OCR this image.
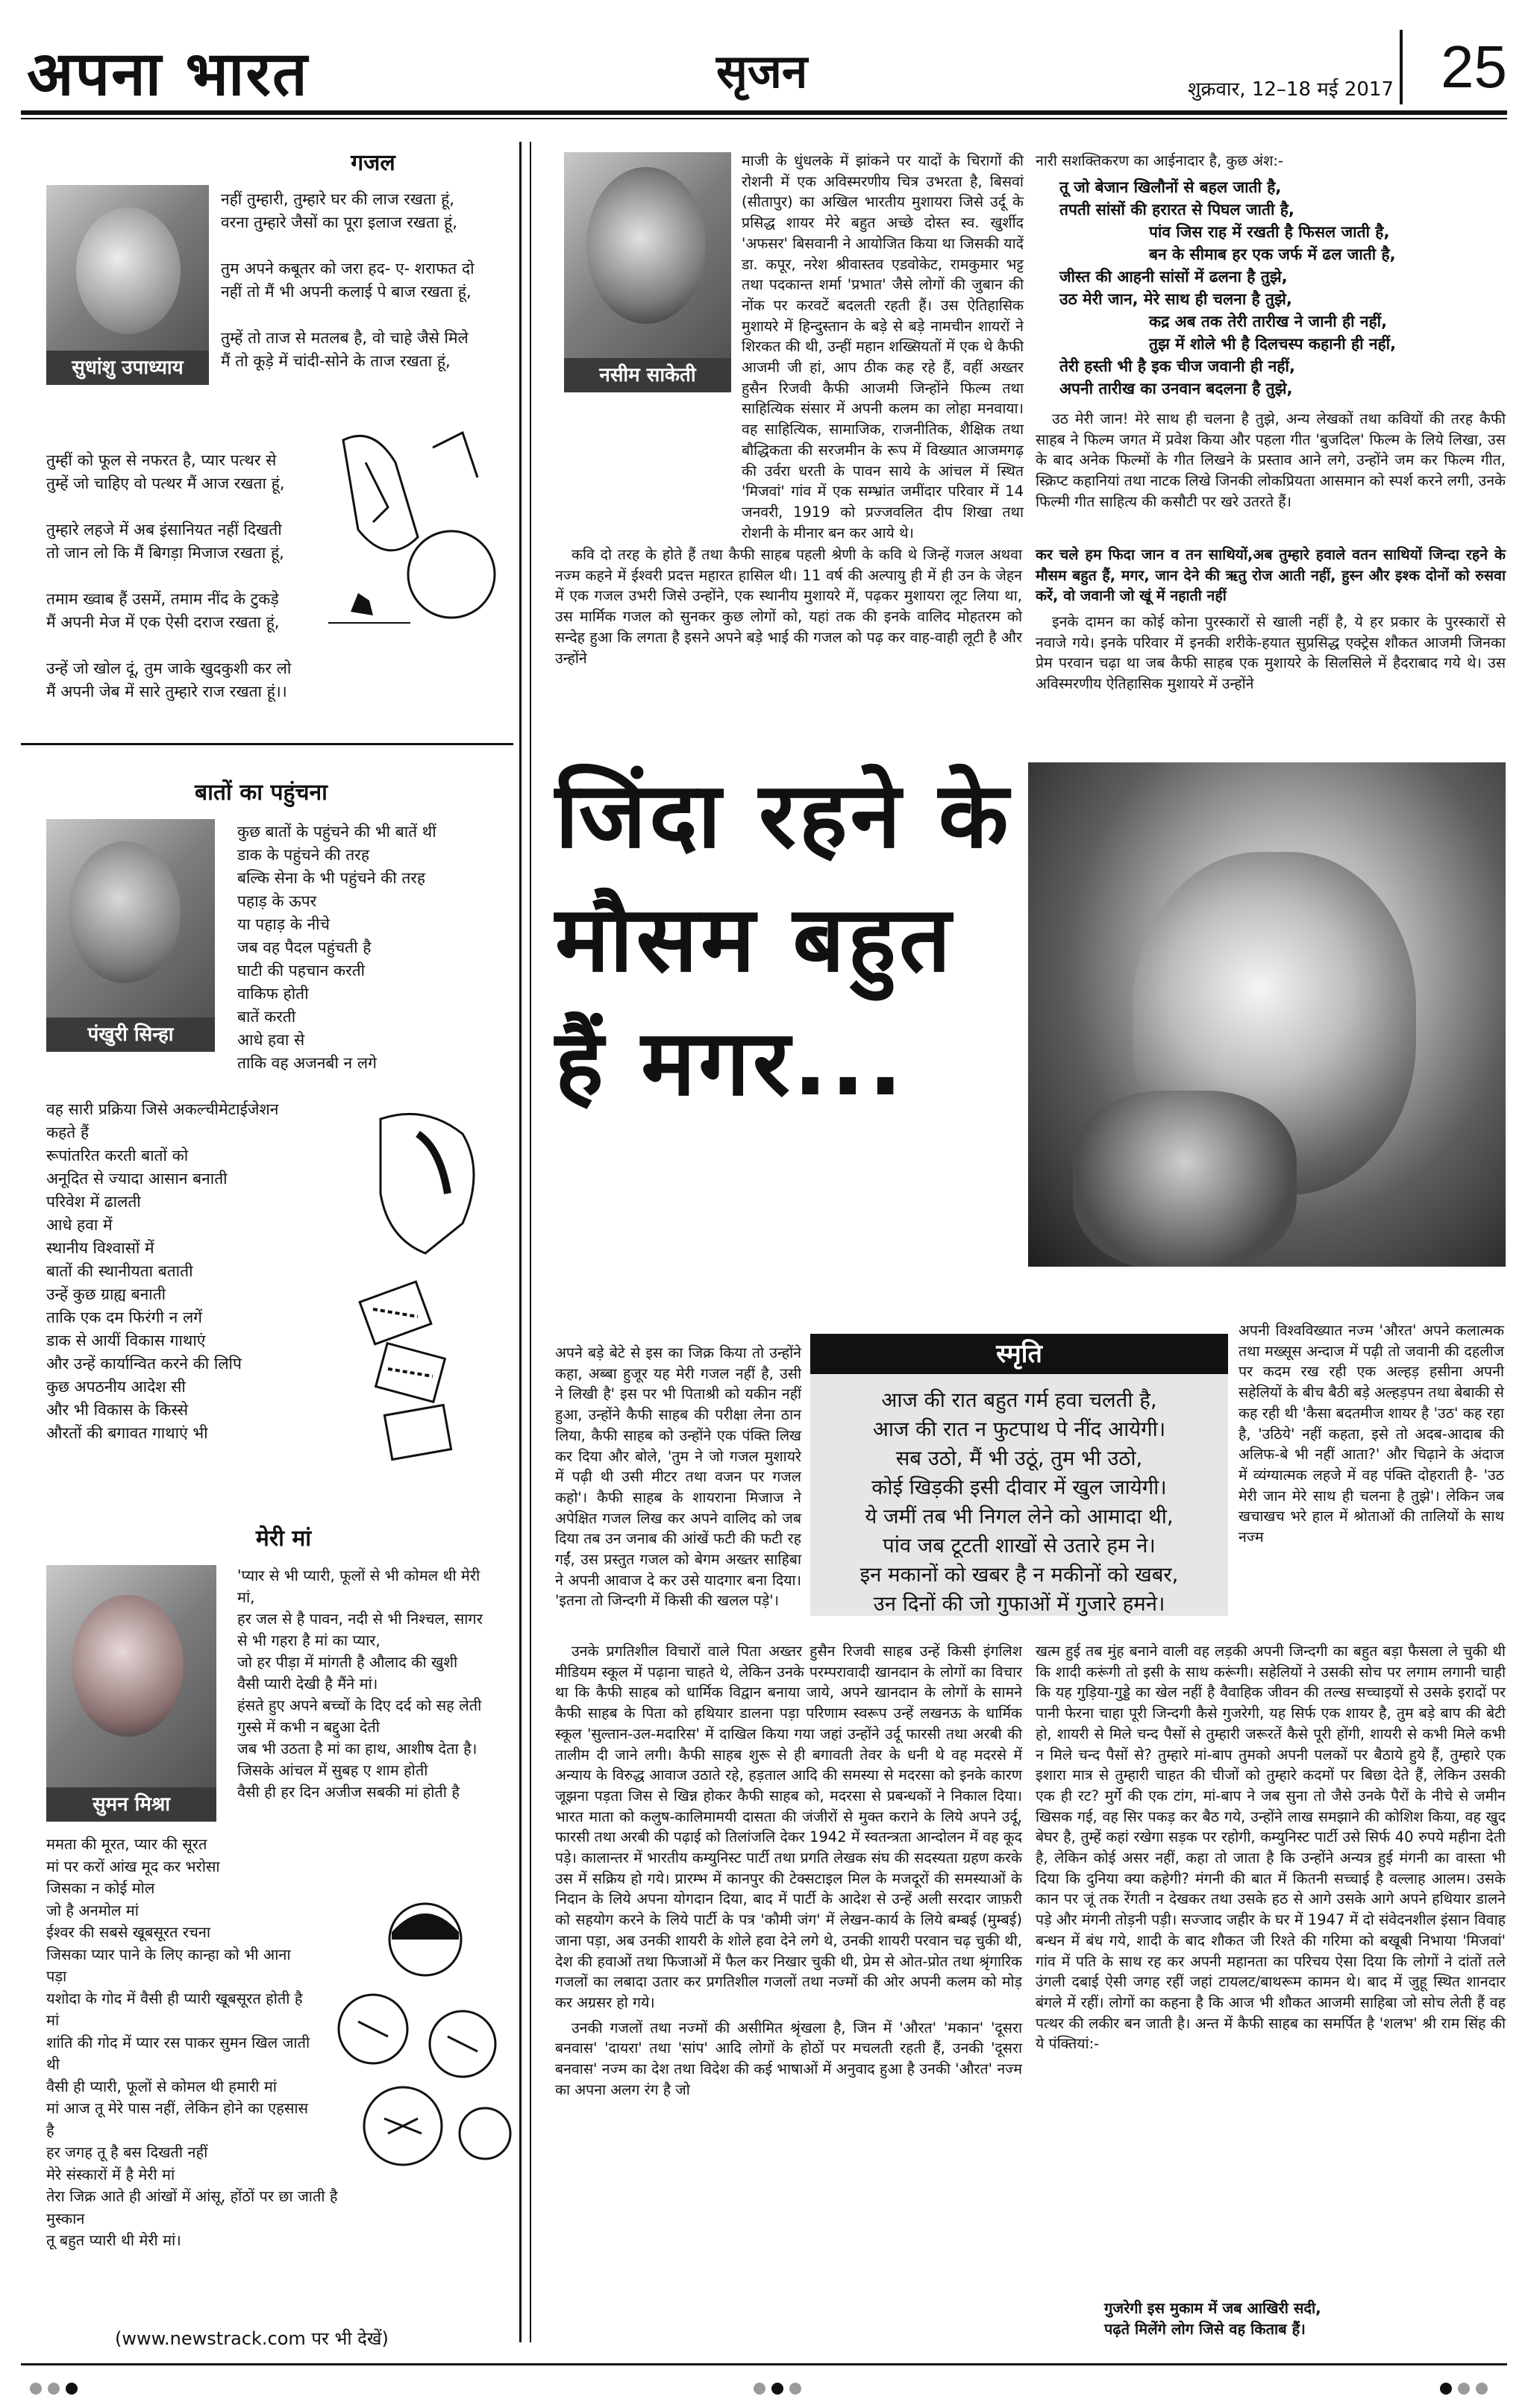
अपना भारत	सृजन	शुक्रवार, 12–18 मई 2017 25
गजल
सुधांशु उपाध्याय
नहीं तुम्हारी, तुम्हारे घर की लाज रखता हूं,
वरना तुम्हारे जैसों का पूरा इलाज रखता हूं,

तुम अपने कबूतर को जरा हद- ए- शराफत दो
नहीं तो मैं भी अपनी कलाई पे बाज रखता हूं,

तुम्हें तो ताज से मतलब है, वो चाहे जैसे मिले
मैं तो कूड़े में चांदी-सोने के ताज रखता हूं,
तुम्हीं को फूल से नफरत है, प्यार पत्थर से
तुम्हें जो चाहिए वो पत्थर मैं आज रखता हूं,

तुम्हारे लहजे में अब इंसानियत नहीं दिखती
तो जान लो कि मैं बिगड़ा मिजाज रखता हूं,

तमाम ख्वाब हैं उसमें, तमाम नींद के टुकड़े
मैं अपनी मेज में एक ऐसी दराज रखता हूं,

उन्हें जो खोल दूं, तुम जाके खुदकुशी कर लो
मैं अपनी जेब में सारे तुम्हारे राज रखता हूं।।
बातों का पहुंचना
पंखुरी सिन्हा
कुछ बातों के पहुंचने की भी बातें थीं
डाक के पहुंचने की तरह
बल्कि सेना के भी पहुंचने की तरह
पहाड़ के ऊपर
या पहाड़ के नीचे
जब वह पैदल पहुंचती है
घाटी की पहचान करती
वाकिफ होती
बातें करती
आधे हवा से
ताकि वह अजनबी न लगे
वह सारी प्रक्रिया जिसे अकल्चीमेटाईजेशन
कहते हैं
रूपांतरित करती बातों को
अनूदित से ज्यादा आसान बनाती
परिवेश में ढालती
आधे हवा में
स्थानीय विश्वासों में
बातों की स्थानीयता बताती
उन्हें कुछ ग्राह्य बनाती
ताकि एक दम फिरंगी न लगें
डाक से आयीं विकास गाथाएं
और उन्हें कार्यान्वित करने की लिपि
कुछ अपठनीय आदेश सी
और भी विकास के किस्से
औरतों की बगावत गाथाएं भी
मेरी मां
सुमन मिश्रा
'प्यार से भी प्यारी, फूलों से भी कोमल थी मेरी
मां,
हर जल से है पावन, नदी से भी निश्चल, सागर
से भी गहरा है मां का प्यार,
जो हर पीड़ा में मांगती है औलाद की खुशी
वैसी प्यारी देखी है मैंने मां।
हंसते हुए अपने बच्चों के दिए दर्द को सह लेती
गुस्से में कभी न बद्दुआ देती
जब भी उठता है मां का हाथ, आशीष देता है।
जिसके आंचल में सुबह ए शाम होती
वैसी ही हर दिन अजीज सबकी मां होती है
ममता की मूरत, प्यार की सूरत
मां पर करों आंख मूद कर भरोसा
जिसका न कोई मोल
जो है अनमोल मां
ईश्वर की सबसे खूबसूरत रचना
जिसका प्यार पाने के लिए कान्हा को भी आना
पड़ा
यशोदा के गोद में वैसी ही प्यारी खूबसूरत होती है
मां
शांति की गोद में प्यार रस पाकर सुमन खिल जाती
थी
वैसी ही प्यारी, फूलों से कोमल थी हमारी मां
मां आज तू मेरे पास नहीं, लेकिन होने का एहसास
है
हर जगह तू है बस दिखती नहीं
मेरे संस्कारों में है मेरी मां
तेरा जिक्र आते ही आंखों में आंसू, होंठों पर छा जाती है मुस्कान
तू बहुत प्यारी थी मेरी मां।
नसीम साकेती

माजी के धुंधलके में झांकने पर यादों के चिरागों की रोशनी में एक अविस्मरणीय चित्र उभरता है, बिसवां (सीतापुर) का अखिल भारतीय मुशायरा जिसे उर्दू के प्रसिद्ध शायर मेरे बहुत अच्छे दोस्त स्व. खुर्शीद 'अफसर' बिसवानी ने आयोजित किया था जिसकी यादें डा. कपूर, नरेश श्रीवास्तव एडवोकेट, रामकुमार भट्ट तथा पदकान्त शर्मा 'प्रभात' जैसे लोगों की जुबान की नोंक पर करवटें बदलती रहती हैं। उस ऐतिहासिक मुशायरे में हिन्दुस्तान के बड़े से बड़े नामचीन शायरों ने शिरकत की थी, उन्हीं महान शख्सियतों में एक थे कैफी आजमी जी हां, आप ठीक कह रहे हैं, वहीं अख्तर हुसैन रिजवी कैफी आजमी जिन्होंने फिल्म तथा साहित्यिक संसार में अपनी कलम का लोहा मनवाया। वह साहित्यिक, सामाजिक, राजनीतिक, शैक्षिक तथा बौद्धिकता की सरजमीन के रूप में विख्यात आजमगढ़ की उर्वरा धरती के पावन साये के आंचल में स्थित 'मिजवां' गांव में एक सम्भ्रांत जमींदार परिवार में 14 जनवरी, 1919 को प्रज्जवलित दीप शिखा तथा रोशनी के मीनार बन कर आये थे।

कवि दो तरह के होते हैं तथा कैफी साहब पहली श्रेणी के कवि थे जिन्हें गजल अथवा नज्म कहने में ईश्वरी प्रदत्त महारत हासिल थी। 11 वर्ष की अल्पायु ही में ही उन के जेहन में एक गजल उभरी जिसे उन्होंने, एक स्थानीय मुशायरे में, पढ़कर मुशायरा लूट लिया था, उस मार्मिक गजल को सुनकर कुछ लोगों को, यहां तक की इनके वालिद मोहतरम को सन्देह हुआ कि लगता है इसने अपने बड़े भाई की गजल को पढ़ कर वाह-वाही लूटी है और उन्होंने

नारी सशक्तिकरण का आईनादार है, कुछ अंश:-

तू जो बेजान खिलौनों से बहल जाती है,
तपती सांसों की हरारत से पिघल जाती है,
पांव जिस राह में रखती है फिसल जाती है,
बन के सीमाब हर एक जर्फ में ढल जाती है,
जीस्त की आहनी सांसों में ढलना है तुझे,
उठ मेरी जान, मेरे साथ ही चलना है तुझे,
कद्र अब तक तेरी तारीख ने जानी ही नहीं,
तुझ में शोले भी है दिलचस्प कहानी ही नहीं,
तेरी हस्ती भी है इक चीज जवानी ही नहीं,
अपनी तारीख का उनवान बदलना है तुझे,

उठ मेरी जान! मेरे साथ ही चलना है तुझे, अन्य लेखकों तथा कवियों की तरह कैफी साहब ने फिल्म जगत में प्रवेश किया और पहला गीत 'बुजदिल' फिल्म के लिये लिखा, उस के बाद अनेक फिल्मों के गीत लिखने के प्रस्ताव आने लगे, उन्होंने जम कर फिल्म गीत, स्क्रिप्ट कहानियां तथा नाटक लिखे जिनकी लोकप्रियता आसमान को स्पर्श करने लगी, उनके फिल्मी गीत साहित्य की कसौटी पर खरे उतरते हैं।

कर चले हम फिदा जान व तन साथियों,अब तुम्हारे हवाले वतन साथियों जिन्दा रहने के मौसम बहुत हैं, मगर, जान देने की ऋतु रोज आती नहीं, हुस्न और इश्क दोनों को रुसवा करें, वो जवानी जो खूं में नहाती नहीं

इनके दामन का कोई कोना पुरस्कारों से खाली नहीं है, ये हर प्रकार के पुरस्कारों से नवाजे गये। इनके परिवार में इनकी शरीके-हयात सुप्रसिद्ध एक्ट्रेस शौकत आजमी जिनका प्रेम परवान चढ़ा था जब कैफी साहब एक मुशायरे के सिलसिले में हैदराबाद गये थे। उस अविस्मरणीय ऐतिहासिक मुशायरे में उन्होंने

जिंदा रहने के मौसम बहुत हैं मगर...

अपने बड़े बेटे से इस का जिक्र किया तो उन्होंने कहा, अब्बा हुजूर यह मेरी गजल नहीं है, उसी ने लिखी है' इस पर भी पिताश्री को यकीन नहीं हुआ, उन्होंने कैफी साहब की परीक्षा लेना ठान लिया, कैफी साहब को उन्होंने एक पंक्ति लिख कर दिया और बोले, 'तुम ने जो गजल मुशायरे में पढ़ी थी उसी मीटर तथा वजन पर गजल कहो'। कैफी साहब के शायराना मिजाज ने अपेक्षित गजल लिख कर अपने वालिद को जब दिया तब उन जनाब की आंखें फटी की फटी रह गईं, उस प्रस्तुत गजल को बेगम अख्तर साहिबा ने अपनी आवाज दे कर उसे यादगार बना दिया। 'इतना तो जिन्दगी में किसी की खलल पड़े'।

स्मृति
आज की रात बहुत गर्म हवा चलती है,
आज की रात न फुटपाथ पे नींद आयेगी।
सब उठो, मैं भी उठूं, तुम भी उठो,
कोई खिड़की इसी दीवार में खुल जायेगी।
ये जमीं तब भी निगल लेने को आमादा थी,
पांव जब टूटती शाखों से उतारे हम ने।
इन मकानों को खबर है न मकीनों को खबर,
उन दिनों की जो गुफाओं में गुजारे हमने।

अपनी विश्वविख्यात नज्म 'औरत' अपने कलात्मक तथा मख्सूस अन्दाज में पढ़ी तो जवानी की दहलीज पर कदम रख रही एक अल्हड़ हसीना अपनी सहेलियों के बीच बैठी बड़े अल्हड़पन तथा बेबाकी से कह रही थी 'कैसा बदतमीज शायर है 'उठ' कह रहा है, 'उठिये' नहीं कहता, इसे तो अदब-आदाब की अलिफ-बे भी नहीं आता?' और चिढ़ाने के अंदाज में व्यंग्यात्मक लहजे में वह पंक्ति दोहराती है- 'उठ मेरी जान मेरे साथ ही चलना है तुझे'। लेकिन जब खचाखच भरे हाल में श्रोताओं की तालियों के साथ नज्म

उनके प्रगतिशील विचारों वाले पिता अख्तर हुसैन रिजवी साहब उन्हें किसी इंगलिश मीडियम स्कूल में पढ़ाना चाहते थे, लेकिन उनके परम्परावादी खानदान के लोगों का विचार था कि कैफी साहब को धार्मिक विद्वान बनाया जाये, अपने खानदान के लोगों के सामने कैफी साहब के पिता को हथियार डालना पड़ा परिणाम स्वरूप उन्हें लखनऊ के धार्मिक स्कूल 'सुल्तान-उल-मदारिस' में दाखिल किया गया जहां उन्होंने उर्दू फारसी तथा अरबी की तालीम दी जाने लगी। कैफी साहब शुरू से ही बगावती तेवर के धनी थे वह मदरसे में अन्याय के विरुद्ध आवाज उठाते रहे, हड़ताल आदि की समस्या से मदरसा को इनके कारण जूझना पड़ता जिस से खिन्न होकर कैफी साहब को, मदरसा से प्रबन्धकों ने निकाल दिया। भारत माता को कलुष-कालिमामयी दासता की जंजीरों से मुक्त कराने के लिये अपने उर्दू, फारसी तथा अरबी की पढ़ाई को तिलांजलि देकर 1942 में स्वतन्त्रता आन्दोलन में वह कूद पड़े। कालान्तर में भारतीय कम्युनिस्ट पार्टी तथा प्रगति लेखक संघ की सदस्यता ग्रहण करके उस में सक्रिय हो गये। प्रारम्भ में कानपुर की टेक्सटाइल मिल के मजदूरों की समस्याओं के निदान के लिये अपना योगदान दिया, बाद में पार्टी के आदेश से उन्हें अली सरदार जाफ़री को सहयोग करने के लिये पार्टी के पत्र 'कौमी जंग' में लेखन-कार्य के लिये बम्बई (मुम्बई) जाना पड़ा, अब उनकी शायरी के शोले हवा देने लगे थे, उनकी शायरी परवान चढ़ चुकी थी, देश की हवाओं तथा फिजाओं में फैल कर निखार चुकी थी, प्रेम से ओत-प्रोत तथा श्रृंगारिक गजलों का लबादा उतार कर प्रगतिशील गजलों तथा नज्मों की ओर अपनी कलम को मोड़ कर अग्रसर हो गये।

उनकी गजलों तथा नज्मों की असीमित श्रृंखला है, जिन में 'औरत' 'मकान' 'दूसरा बनवास' 'दायरा' तथा 'सांप' आदि लोगों के होठों पर मचलती रहती हैं, उनकी 'दूसरा बनवास' नज्म का देश तथा विदेश की कई भाषाओं में अनुवाद हुआ है उनकी 'औरत' नज्म का अपना अलग रंग है जो

खत्म हुई तब मुंह बनाने वाली वह लड़की अपनी जिन्दगी का बहुत बड़ा फैसला ले चुकी थी कि शादी करूंगी तो इसी के साथ करूंगी। सहेलियों ने उसकी सोच पर लगाम लगानी चाही कि यह गुड़िया-गुड्डे का खेल नहीं है वैवाहिक जीवन की तल्ख सच्चाइयों से उसके इरादों पर पानी फेरना चाहा पूरी जिन्दगी कैसे गुजरेगी, यह सिर्फ एक शायर है, तुम बड़े बाप की बेटी हो, शायरी से मिले चन्द पैसों से तुम्हारी जरूरतें कैसे पूरी होंगी, शायरी से कभी मिले कभी न मिले चन्द पैसों से? तुम्हारे मां-बाप तुमको अपनी पलकों पर बैठाये हुये हैं, तुम्हारे एक इशारा मात्र से तुम्हारी चाहत की चीजों को तुम्हारे कदमों पर बिछा देते हैं, लेकिन उसकी एक ही रट? मुर्गे की एक टांग, मां-बाप ने जब सुना तो जैसे उनके पैरों के नीचे से जमीन खिसक गई, वह सिर पकड़ कर बैठ गये, उन्होंने लाख समझाने की कोशिश किया, वह खुद बेघर है, तुम्हें कहां रखेगा सड़क पर रहोगी, कम्युनिस्ट पार्टी उसे सिर्फ 40 रुपये महीना देती है, लेकिन कोई असर नहीं, कहा तो जाता है कि उन्होंने अन्यत्र हुई मंगनी का वास्ता भी दिया कि दुनिया क्या कहेगी? मंगनी की बात में कितनी सच्चाई है वल्लाह आलम। उसके कान पर जूं तक रेंगती न देखकर तथा उसके हठ से आगे उसके आगे अपने हथियार डालने पड़े और मंगनी तोड़नी पड़ी। सज्जाद जहीर के घर में 1947 में दो संवेदनशील इंसान विवाह बन्धन में बंध गये, शादी के बाद शौकत जी रिश्ते की गरिमा को बखूबी निभाया 'मिजवां' गांव में पति के साथ रह कर अपनी महानता का परिचय ऐसा दिया कि लोगों ने दांतों तले उंगली दबाई ऐसी जगह रहीं जहां टायलट/बाथरूम कामन थे। बाद में जुहू स्थित शानदार बंगले में रहीं। लोगों का कहना है कि आज भी शौकत आजमी साहिबा जो सोच लेती हैं वह पत्थर की लकीर बन जाती है। अन्त में कैफी साहब का समर्पित है 'शलभ' श्री राम सिंह की ये पंक्तियां:-

गुजरेगी इस मुकाम में जब आखिरी सदी,
पढ़ते मिलेंगे लोग जिसे वह किताब हैं।
(www.newstrack.com पर भी देखें)
